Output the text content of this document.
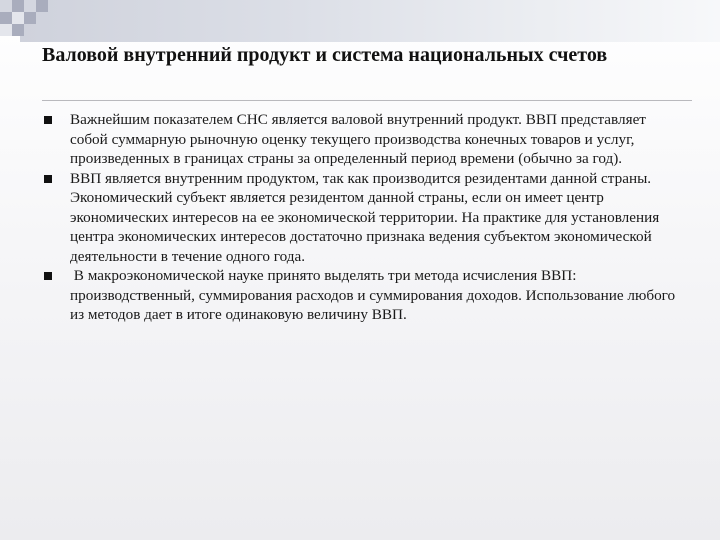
Валовой внутренний продукт и система национальных счетов
Важнейшим показателем СНС является валовой внутренний продукт. ВВП представляет собой суммарную рыночную оценку текущего производства конечных товаров и услуг, произведенных в границах страны за определенный период времени (обычно за год).
ВВП является внутренним продуктом, так как производится резидентами данной страны. Экономический субъект является резидентом данной страны, если он имеет центр экономических интересов на ее экономической территории. На практике для установления центра экономических интересов достаточно признака ведения субъектом экономической деятельности в течение одного года.
В макроэкономической науке принято выделять три метода исчисления ВВП: производственный, суммирования расходов и суммирования доходов. Использование любого из методов дает в итоге одинаковую величину ВВП.
